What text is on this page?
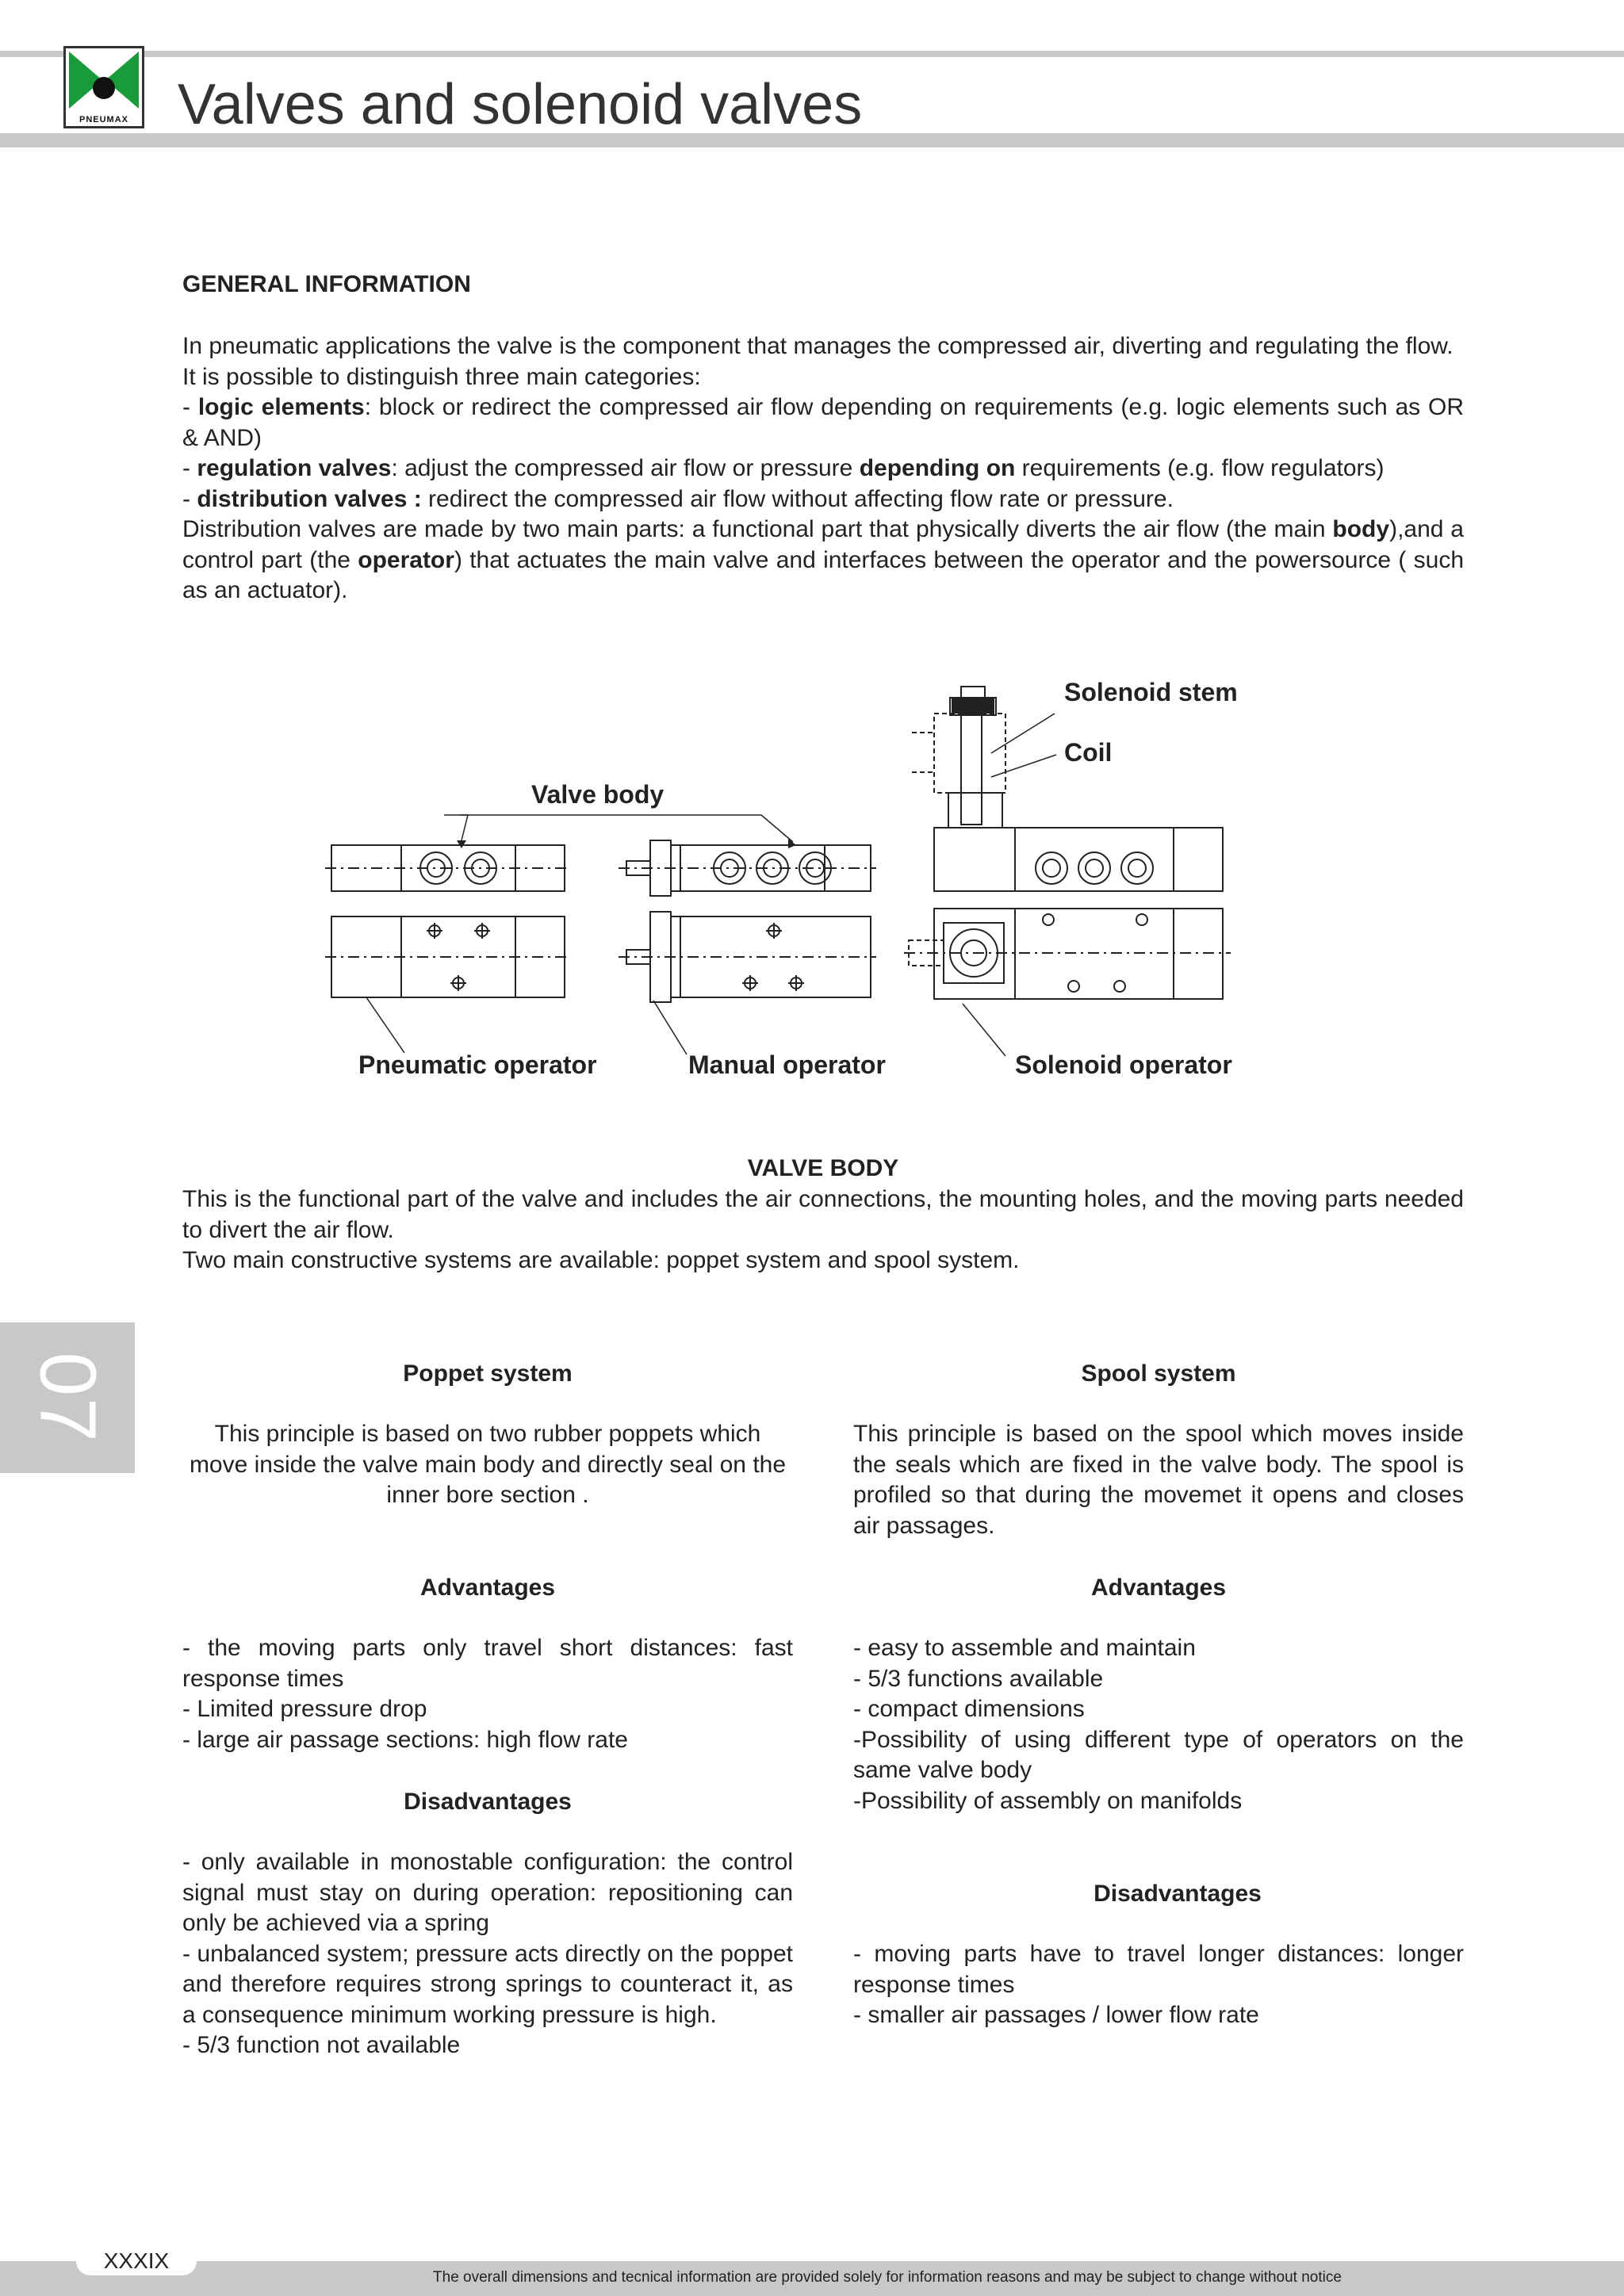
PNEUMAX Valves and solenoid valves
GENERAL INFORMATION

In pneumatic applications the valve is the component that manages the compressed air, diverting and regulating the flow.

It is possible to distinguish three main categories:

- logic elements: block or redirect the compressed air flow depending on requirements (e.g. logic elements such as OR & AND)

- regulation valves: adjust the compressed air flow or pressure depending on requirements (e.g. flow regulators)

- distribution valves : redirect the compressed air flow without affecting flow rate or pressure.

Distribution valves are made by two main parts: a functional part that physically diverts the air flow (the main body),and a control part (the operator) that actuates the main valve and interfaces between the operator and the powersource ( such as an actuator).

Valve body
Solenoid stem
Coil
Pneumatic operator	Manual operator	Solenoid operator
VALVE BODY

This is the functional part of the valve and includes the air connections, the mounting holes, and the moving parts needed to divert the air flow.

Two main constructive systems are available: poppet system and spool system.

07	Poppet system
This principle is based on two rubber poppets which move inside the valve main body and directly seal on the inner bore section .
Advantages

- the moving parts only travel short distances: fast response times

- Limited pressure drop

- large air passage sections: high flow rate

Disadvantages

- only available in monostable configuration: the control signal must stay on during operation: repositioning can only be achieved via a spring

- unbalanced system; pressure acts directly on the poppet and therefore requires strong springs to counteract it, as a consequence minimum working pressure is high.

- 5/3 function not available

Spool system
This principle is based on the spool which moves inside the seals which are fixed in the valve body. The spool is profiled so that during the movemet it opens and closes air passages.
Advantages

- easy to assemble and maintain

- 5/3 functions available

- compact dimensions

-Possibility of using different type of operators on the same valve body

-Possibility of assembly on manifolds

Disadvantages

- moving parts have to travel longer distances: longer response times

- smaller air passages / lower flow rate

XXXIX
The overall dimensions and tecnical information are provided solely for information reasons and may be subject to change without notice
